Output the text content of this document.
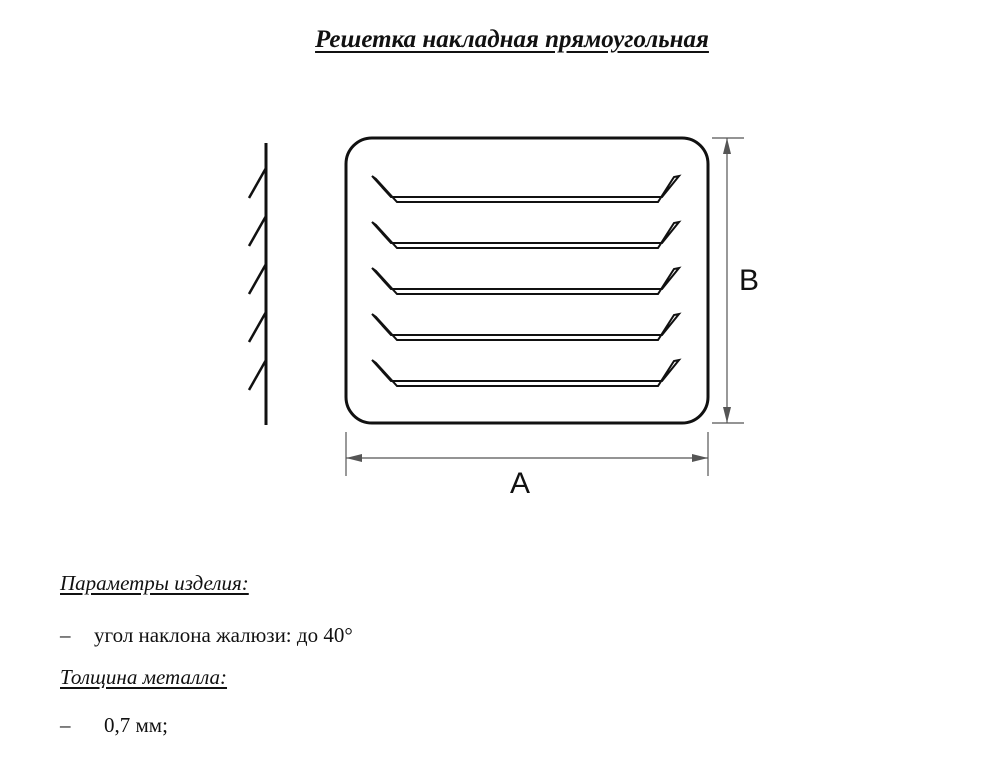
Решетка накладная прямоугольная
A
B
Параметры изделия:
– угол наклона жалюзи: до 40°
Толщина металла:
– 0,7 мм;
